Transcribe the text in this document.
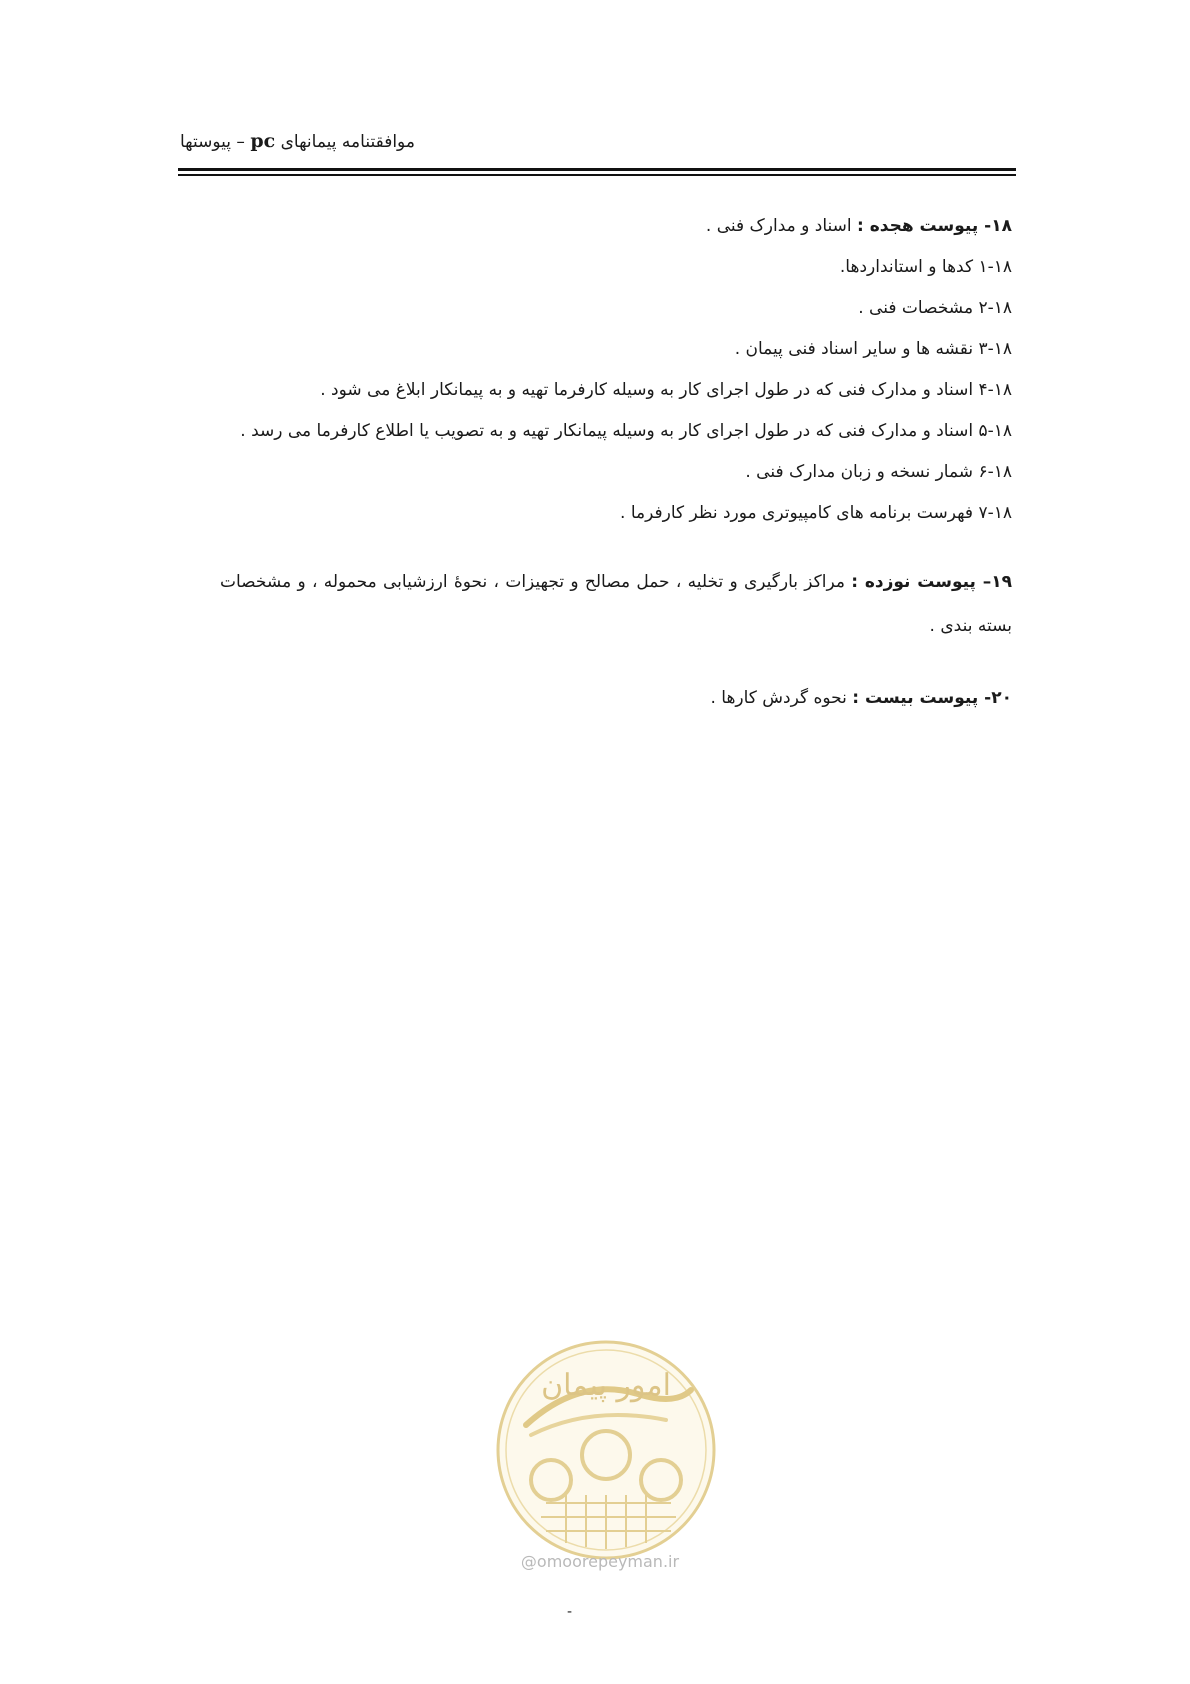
موافقتنامه پیمانهای pc – پیوستها
۱۸- پیوست هجده : اسناد و مدارک فنی .
۱-۱۸ کدها و استانداردها.
۲-۱۸ مشخصات فنی .
۳-۱۸ نقشه ها و سایر اسناد فنی پیمان .
۴-۱۸ اسناد و مدارک فنی که در طول اجرای کار به وسیله کارفرما تهیه و به پیمانکار ابلاغ می شود .
۵-۱۸ اسناد و مدارک فنی که در طول اجرای کار به وسیله پیمانکار تهیه و به تصویب یا اطلاع کارفرما می رسد .
۶-۱۸ شمار نسخه و زبان مدارک فنی .
۷-۱۸ فهرست برنامه های کامپیوتری مورد نظر کارفرما .
۱۹– پیوست نوزده : مراکز بارگیری و تخلیه ، حمل مصالح و تجهیزات ، نحوهٔ ارزشیابی محموله ، و مشخصات بسته بندی .
۲۰- پیوست بیست : نحوه گردش کارها .
امور پیمان
@omoorepeyman.ir
-
